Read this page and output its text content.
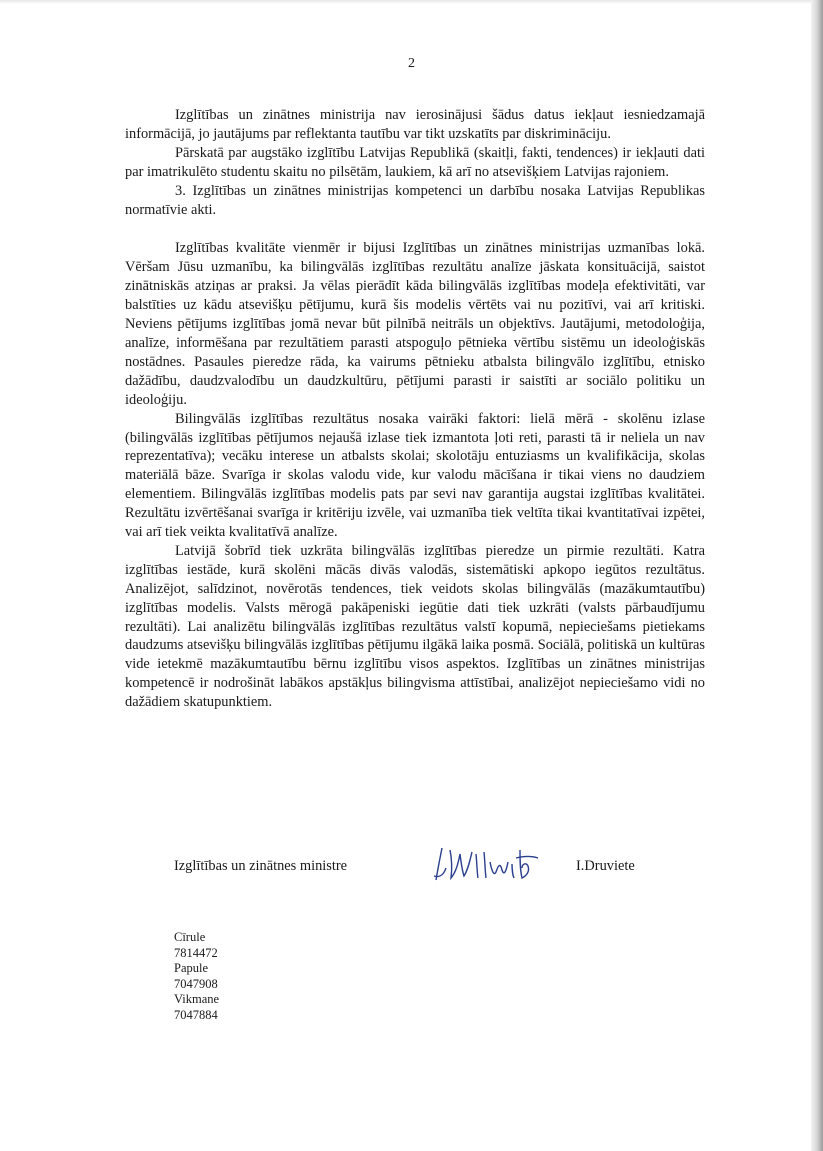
2

Izglītības un zinātnes ministrija nav ierosinājusi šādus datus iekļaut iesniedzamajā informācijā, jo jautājums par reflektanta tautību var tikt uzskatīts par diskrimināciju.

Pārskatā par augstāko izglītību Latvijas Republikā (skaitļi, fakti, tendences) ir iekļauti dati par imatrikulēto studentu skaitu no pilsētām, laukiem, kā arī no atsevišķiem Latvijas rajoniem.

3. Izglītības un zinātnes ministrijas kompetenci un darbību nosaka Latvijas Republikas normatīvie akti.

Izglītības kvalitāte vienmēr ir bijusi Izglītības un zinātnes ministrijas uzmanības lokā. Vēršam Jūsu uzmanību, ka bilingvālās izglītības rezultātu analīze jāskata konsituācijā, saistot zinātniskās atziņas ar praksi. Ja vēlas pierādīt kāda bilingvālās izglītības modeļa efektivitāti, var balstīties uz kādu atsevišķu pētījumu, kurā šis modelis vērtēts vai nu pozitīvi, vai arī kritiski. Neviens pētījums izglītības jomā nevar būt pilnībā neitrāls un objektīvs. Jautājumi, metodoloģija, analīze, informēšana par rezultātiem parasti atspoguļo pētnieka vērtību sistēmu un ideoloģiskās nostādnes. Pasaules pieredze rāda, ka vairums pētnieku atbalsta bilingvālo izglītību, etnisko dažādību, daudzvalodību un daudzkultūru, pētījumi parasti ir saistīti ar sociālo politiku un ideoloģiju.

Bilingvālās izglītības rezultātus nosaka vairāki faktori: lielā mērā - skolēnu izlase (bilingvālās izglītības pētījumos nejaušā izlase tiek izmantota ļoti reti, parasti tā ir neliela un nav reprezentatīva); vecāku interese un atbalsts skolai; skolotāju entuziasms un kvalifikācija, skolas materiālā bāze. Svarīga ir skolas valodu vide, kur valodu mācīšana ir tikai viens no daudziem elementiem. Bilingvālās izglītības modelis pats par sevi nav garantija augstai izglītības kvalitātei. Rezultātu izvērtēšanai svarīga ir kritēriju izvēle, vai uzmanība tiek veltīta tikai kvantitatīvai izpētei, vai arī tiek veikta kvalitatīvā analīze.

Latvijā šobrīd tiek uzkrāta bilingvālās izglītības pieredze un pirmie rezultāti. Katra izglītības iestāde, kurā skolēni mācās divās valodās, sistemātiski apkopo iegūtos rezultātus. Analizējot, salīdzinot, novērotās tendences, tiek veidots skolas bilingvālās (mazākumtautību) izglītības modelis. Valsts mērogā pakāpeniski iegūtie dati tiek uzkrāti (valsts pārbaudījumu rezultāti). Lai analizētu bilingvālās izglītības rezultātus valstī kopumā, nepieciešams pietiekams daudzums atsevišķu bilingvālās izglītības pētījumu ilgākā laika posmā. Sociālā, politiskā un kultūras vide ietekmē mazākumtautību bērnu izglītību visos aspektos. Izglītības un zinātnes ministrijas kompetencē ir nodrošināt labākos apstākļus bilingvisma attīstībai, analizējot nepieciešamo vidi no dažādiem skatupunktiem.

Izglītības un zinātnes ministre	I.Druviete
Cīrule
7814472
Papule
7047908
Vikmane
7047884
